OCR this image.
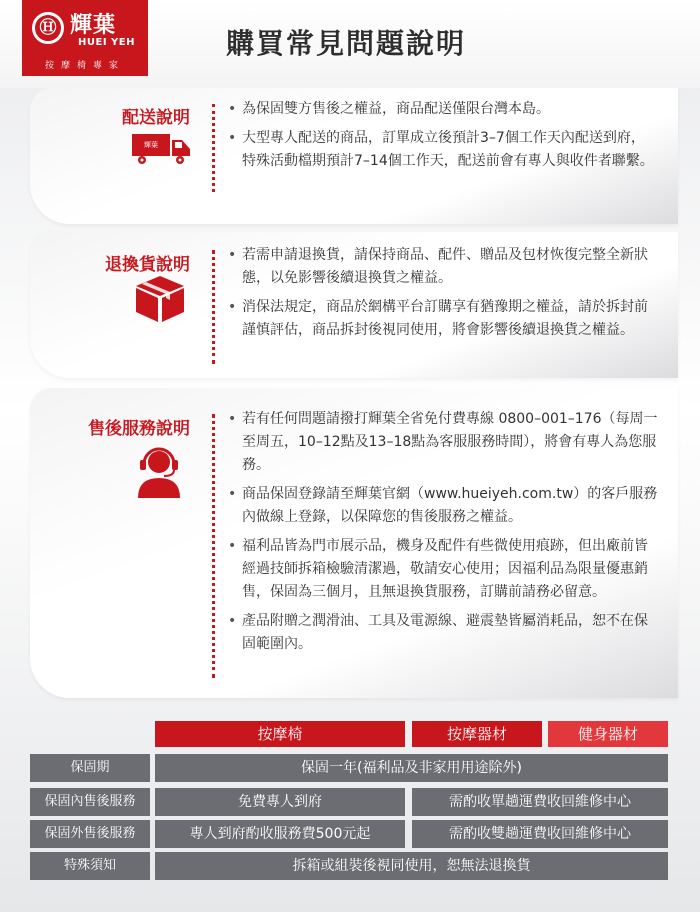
Ⓗ 輝葉
HUEI YEH
按摩椅專家
購買常見問題說明
配送說明
輝葉
• 為保固雙方售後之權益，商品配送僅限台灣本島。
• 大型專人配送的商品，訂單成立後預計3–7個工作天內配送到府，特殊活動檔期預計7–14個工作天，配送前會有專人與收件者聯繫。
退換貨說明	• 若需申請退換貨，請保持商品、配件、贈品及包材恢復完整全新狀態，以免影響後續退換貨之權益。
• 消保法規定，商品於網構平台訂購享有猶豫期之權益，請於拆封前謹慎評估，商品拆封後視同使用，將會影響後續退換貨之權益。
售後服務說明	• 若有任何問題請撥打輝葉全省免付費專線 0800–001–176（每周一至周五，10–12點及13–18點為客服服務時間），將會有專人為您服務。
• 商品保固登錄請至輝葉官網（www.hueiyeh.com.tw）的客戶服務內做線上登錄，以保障您的售後服務之權益。
• 福利品皆為門市展示品，機身及配件有些微使用痕跡，但出廠前皆經過技師拆箱檢驗清潔過，敬請安心使用；因福利品為限量優惠銷售，保固為三個月，且無退換貨服務，訂購前請務必留意。
• 產品附贈之潤滑油、工具及電源線、避震墊皆屬消耗品，恕不在保固範圍內。
按摩椅	按摩器材	健身器材
保固期	保固一年(福利品及非家用用途除外)
保固內售後服務	免費專人到府	需酌收單趟運費收回維修中心
保固外售後服務	專人到府酌收服務費500元起	需酌收雙趟運費收回維修中心
特殊須知	拆箱或組裝後視同使用，恕無法退換貨
